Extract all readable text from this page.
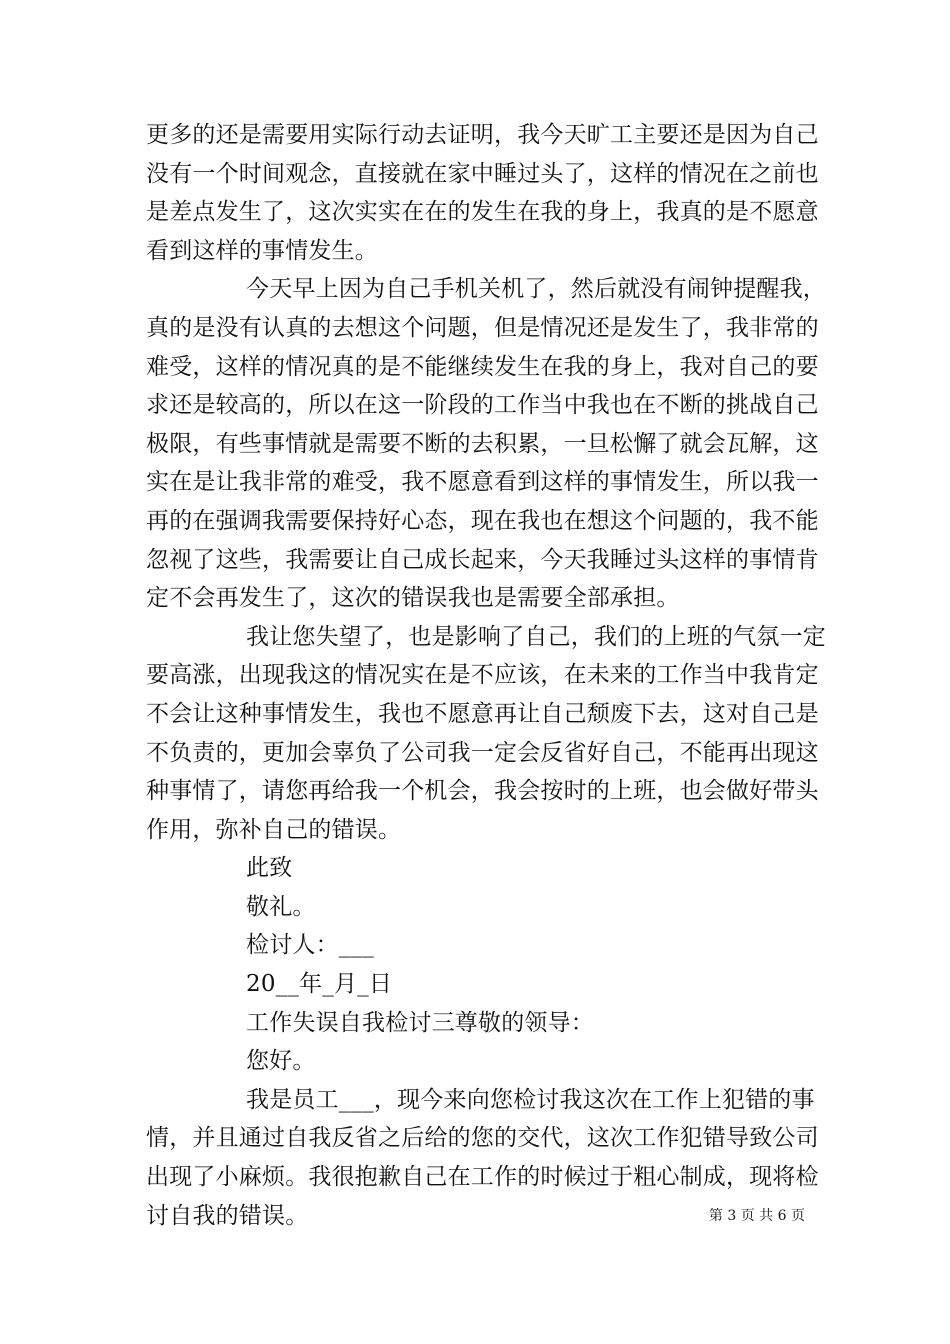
更多的还是需要用实际行动去证明，我今天旷工主要还是因为自己
没有一个时间观念，直接就在家中睡过头了，这样的情况在之前也
是差点发生了，这次实实在在的发生在我的身上，我真的是不愿意
看到这样的事情发生。
今天早上因为自己手机关机了，然后就没有闹钟提醒我，
真的是没有认真的去想这个问题，但是情况还是发生了，我非常的
难受，这样的情况真的是不能继续发生在我的身上，我对自己的要
求还是较高的，所以在这一阶段的工作当中我也在不断的挑战自己
极限，有些事情就是需要不断的去积累，一旦松懈了就会瓦解，这
实在是让我非常的难受，我不愿意看到这样的事情发生，所以我一
再的在强调我需要保持好心态，现在我也在想这个问题的，我不能
忽视了这些，我需要让自己成长起来，今天我睡过头这样的事情肯
定不会再发生了，这次的错误我也是需要全部承担。
我让您失望了，也是影响了自己，我们的上班的气氛一定
要高涨，出现我这的情况实在是不应该，在未来的工作当中我肯定
不会让这种事情发生，我也不愿意再让自己颓废下去，这对自己是
不负责的，更加会辜负了公司我一定会反省好自己，不能再出现这
种事情了，请您再给我一个机会，我会按时的上班，也会做好带头
作用，弥补自己的错误。
此致
敬礼。
检讨人：___
20__年_月_日
工作失误自我检讨三尊敬的领导：
您好。
我是员工___，现今来向您检讨我这次在工作上犯错的事
情，并且通过自我反省之后给的您的交代，这次工作犯错导致公司
出现了小麻烦。我很抱歉自己在工作的时候过于粗心制成，现将检
讨自我的错误。	第 3 页 共 6 页
